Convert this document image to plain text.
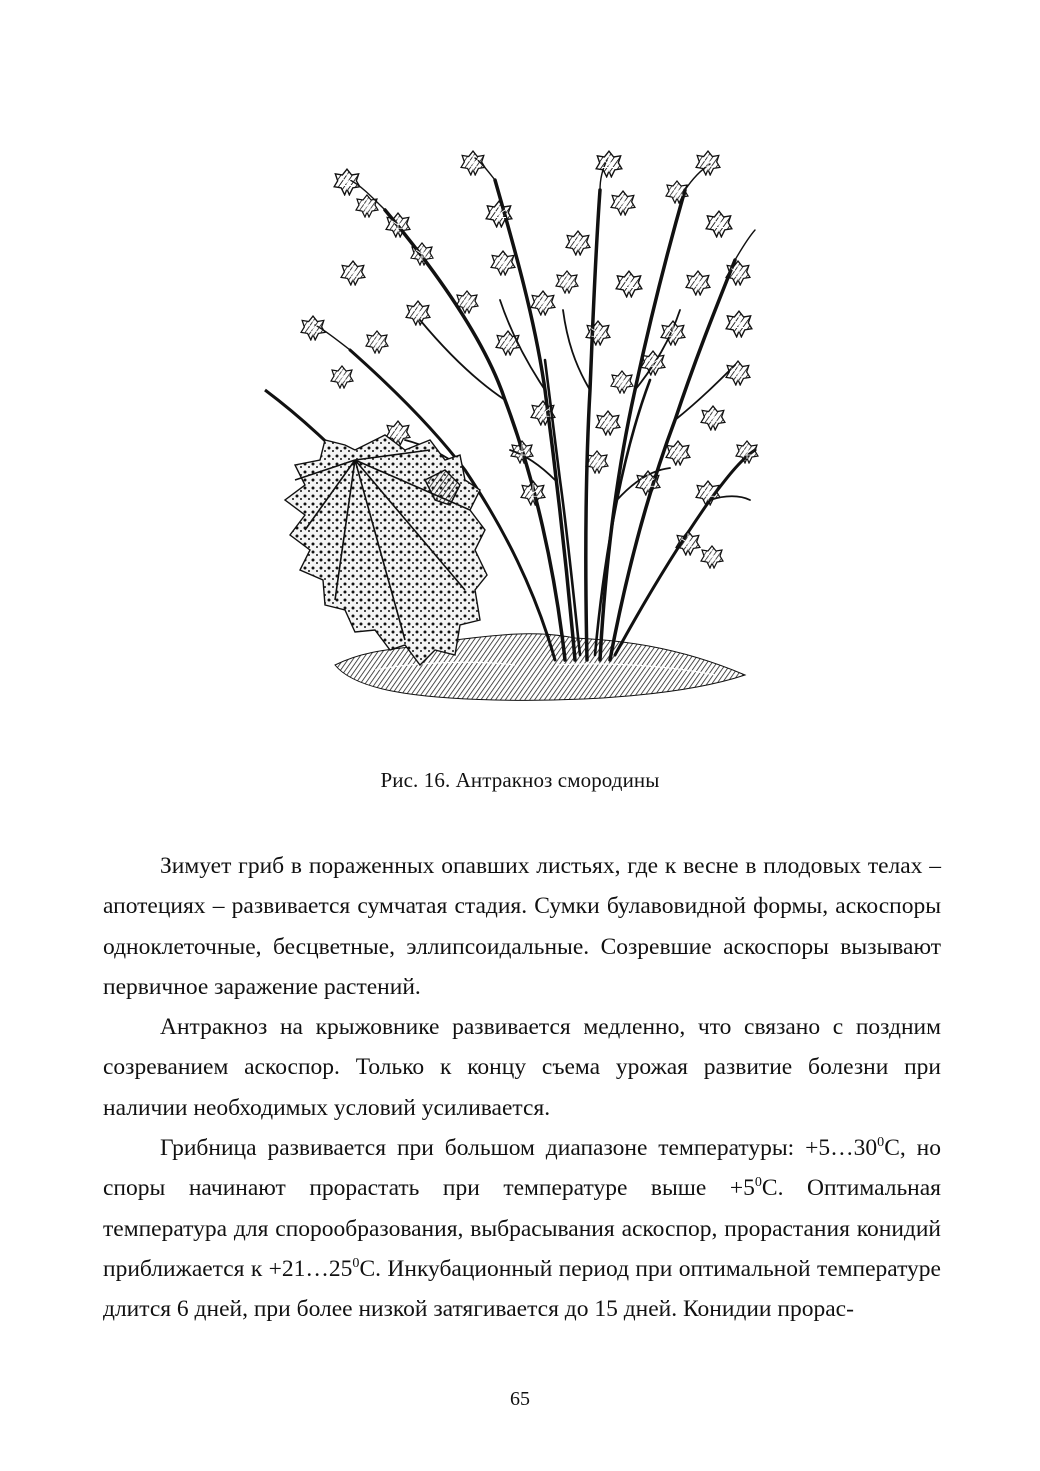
Рис. 16. Антракноз смородины

Зимует гриб в пораженных опавших листьях, где к весне в плодовых телах – апотециях – развивается сумчатая стадия. Сумки булавовидной формы, аскоспоры одноклеточные, бесцветные, эллипсоидальные. Созревшие аскоспоры вызывают первичное заражение растений.

Антракноз на крыжовнике развивается медленно, что связано с поздним созреванием аскоспор. Только к концу съема урожая развитие болезни при наличии необходимых условий усиливается.

Грибница развивается при большом диапазоне температуры: $+5\dots 30^0С$, но споры начинают прорастать при температуре выше $+5^0С$. Оптимальная температура для спорообразования, выбрасывания аскоспор, прорастания конидий приближается $к +21\dots 25^0С$. Инкубационный период при оптимальной температуре длится 6 дней, при более низкой затягивается до 15 дней. Конидии прорас-

65
